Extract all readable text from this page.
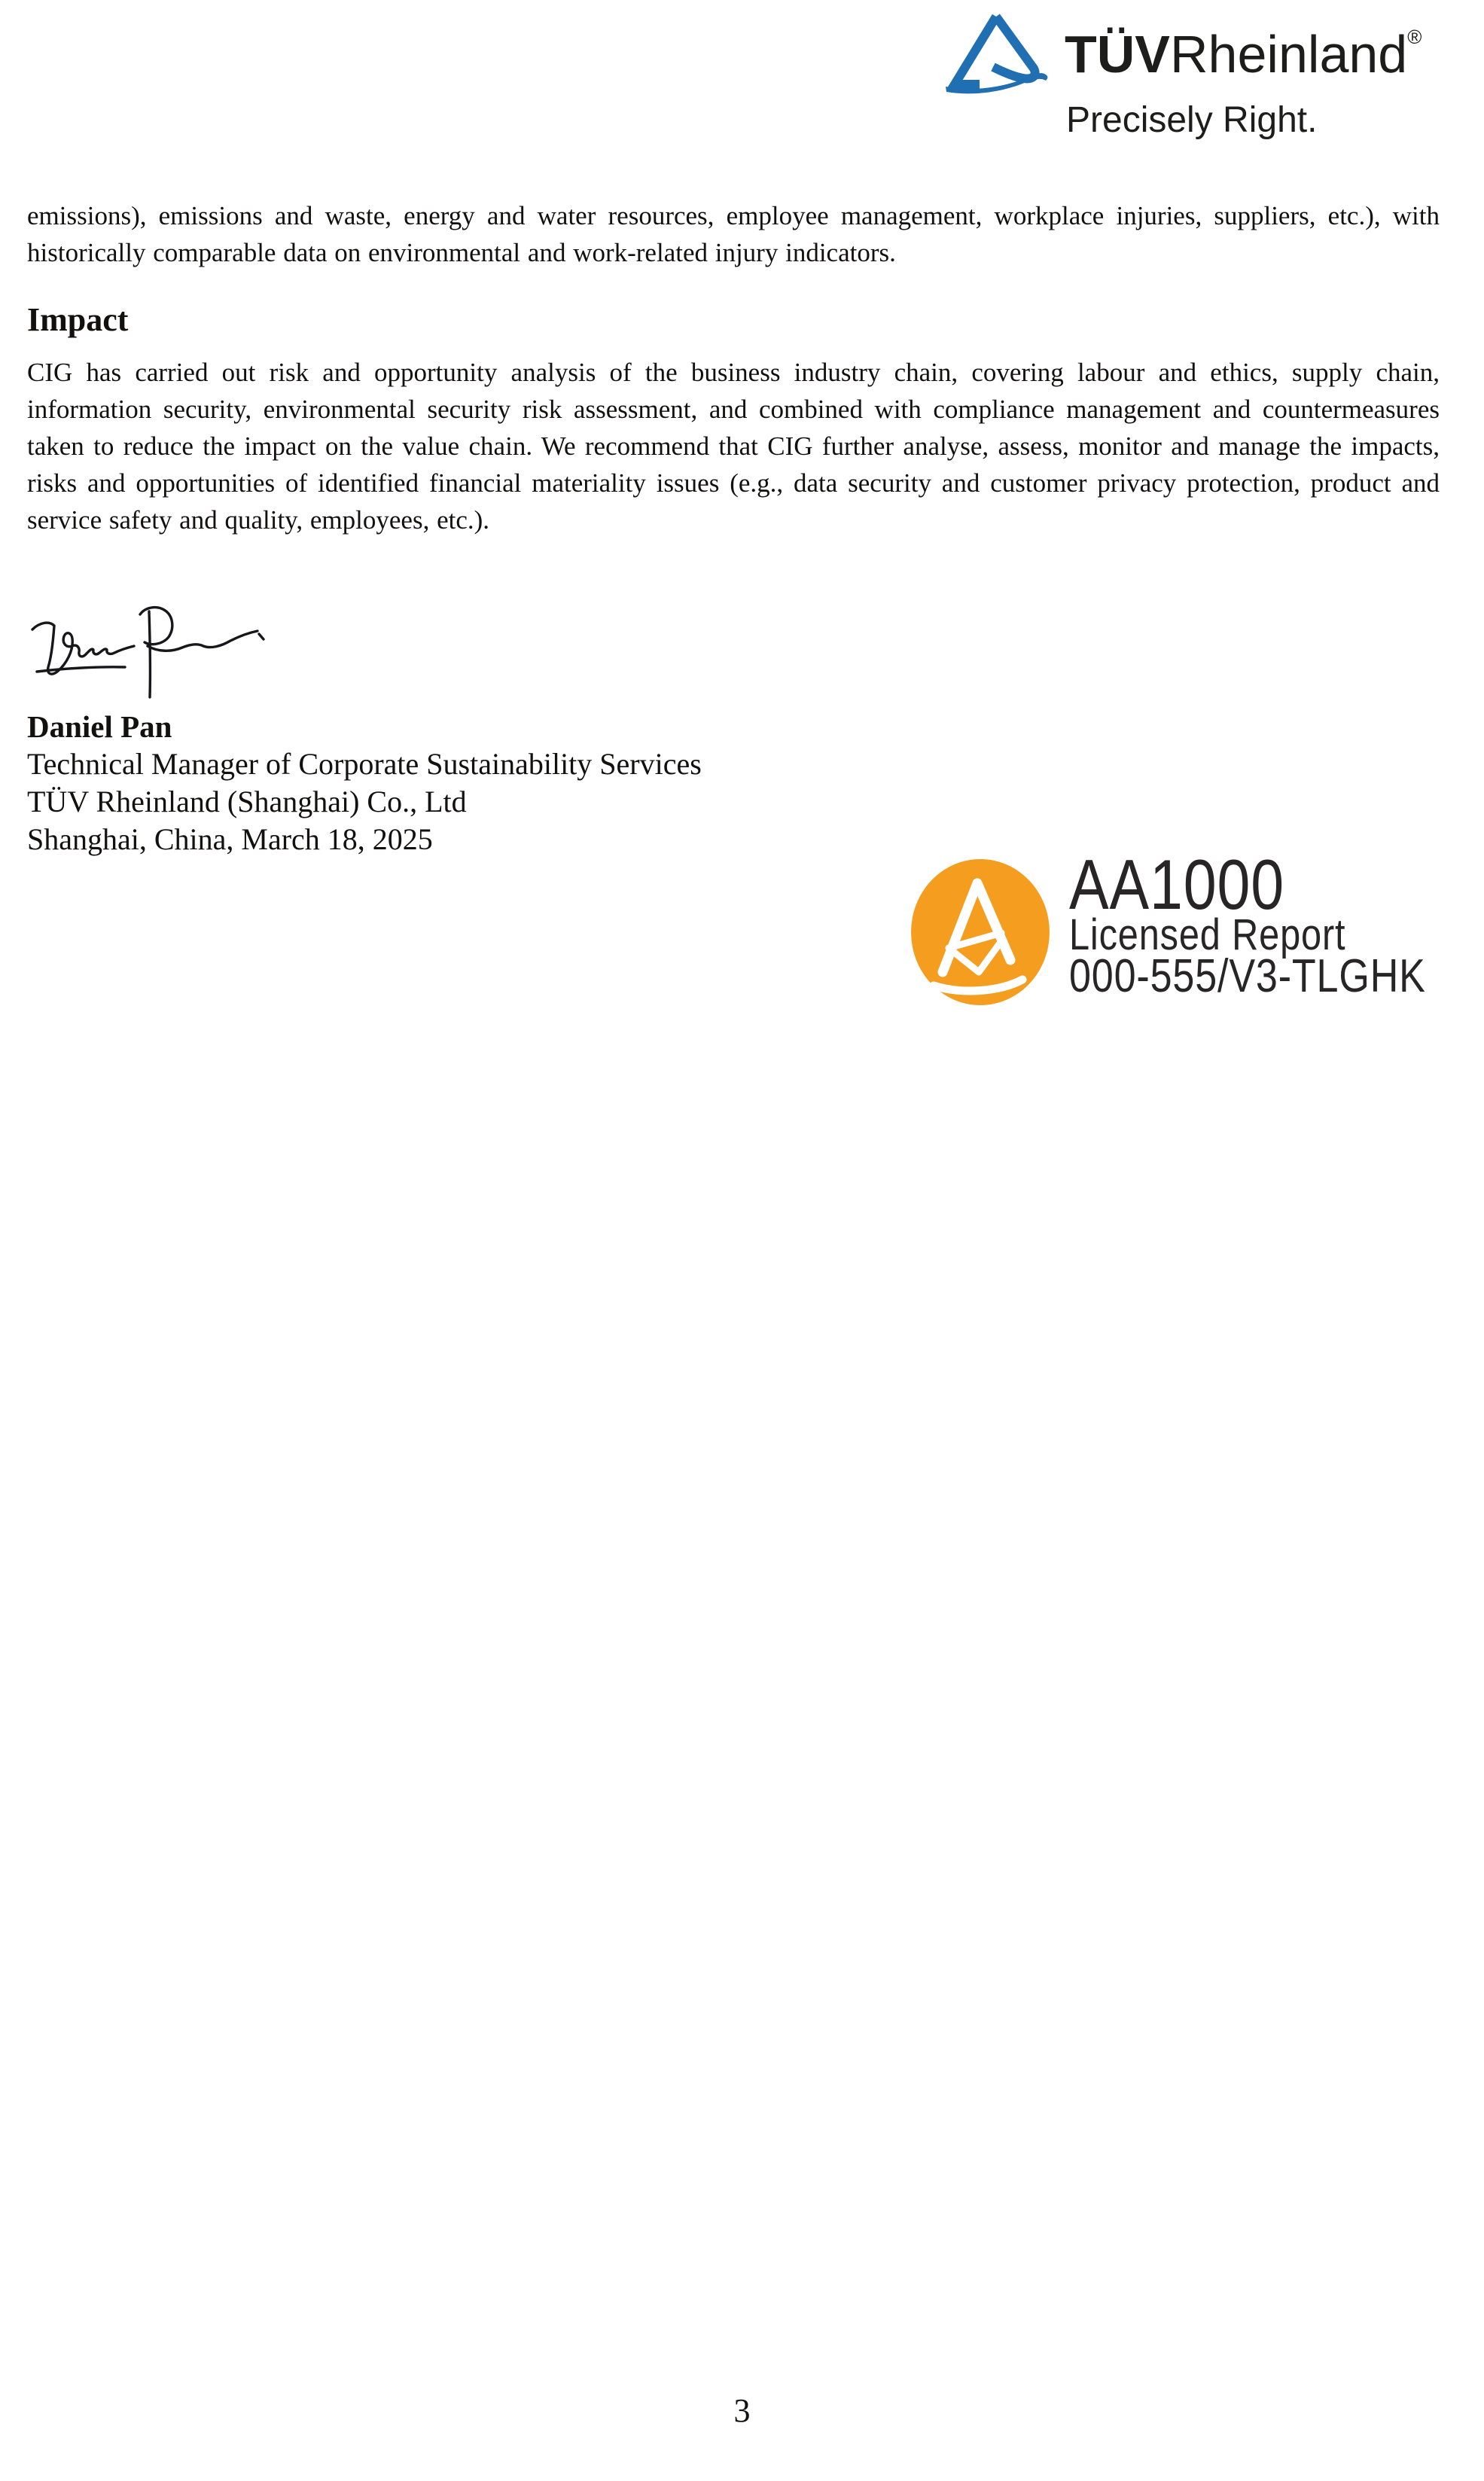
TÜVRheinland®
Precisely Right.
emissions), emissions and waste, energy and water resources, employee management, workplace injuries, suppliers, etc.), with historically comparable data on environmental and work-related injury indicators.
Impact
CIG has carried out risk and opportunity analysis of the business industry chain, covering labour and ethics, supply chain, information security, environmental security risk assessment, and combined with compliance management and countermeasures taken to reduce the impact on the value chain. We recommend that CIG further analyse, assess, monitor and manage the impacts, risks and opportunities of identified financial materiality issues (e.g., data security and customer privacy protection, product and service safety and quality, employees, etc.).
Daniel Pan
Technical Manager of Corporate Sustainability Services
TÜV Rheinland (Shanghai) Co., Ltd
Shanghai, China, March 18, 2025
AA1000
Licensed Report
000-555/V3-TLGHK
3
